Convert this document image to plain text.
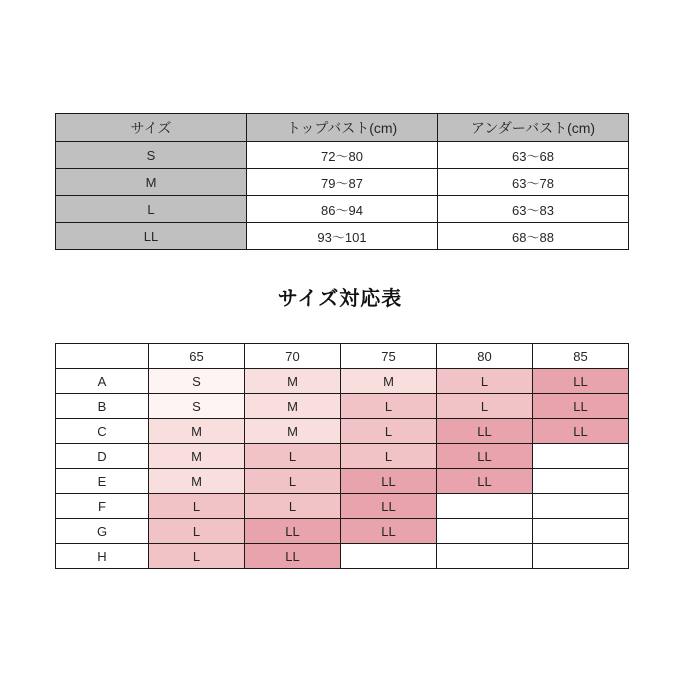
サイズ	トップバスト(cm)	アンダーバスト(cm)
S	72〜80	63〜68
M	79〜87	63〜78
L	86〜94	63〜83
LL	93〜101	68〜88
サイズ対応表
	65	70	75	80	85
A	S	M	M	L	LL
B	S	M	L	L	LL
C	M	M	L	LL	LL
D	M	L	L	LL	
E	M	L	LL	LL	
F	L	L	LL		
G	L	LL	LL		
H	L	LL			
